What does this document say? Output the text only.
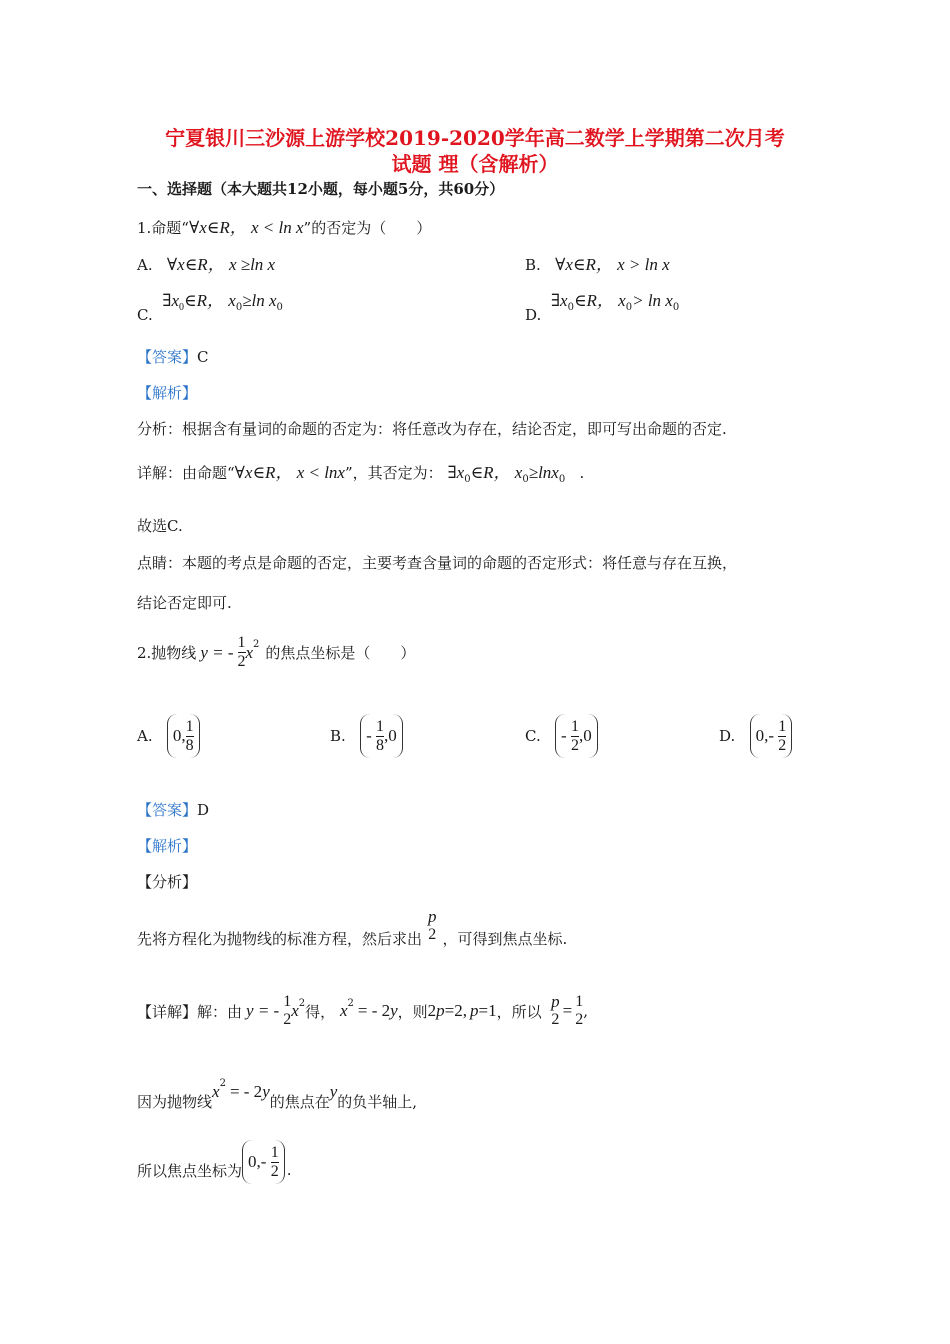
宁夏银川三沙源上游学校2019-2020学年高二数学上学期第二次月考
试题 理（含解析）
一、选择题（本大题共12小题，每小题5分，共60分）
1.命题“∀x∈R， x < ln x”的否定为（　　）
A. ∀x∈R， x ≥ln x	B. ∀x∈R， x > ln x
C.  $\exists x_0\in R$， $x_0\ge\ln$ $x_0$	D.  $\exists x_0\in R$， $x_0> \ln x_0$
【答案】C
【解析】
分析：根据含有量词的命题的否定为：将任意改为存在，结论否定，即可写出命题的否定.
详解：由命题“∀x∈R， x < lnx”，其否定为： $\exists x_0\in R$， $x_0\ge\ln x_0$ .
故选C.
点睛：本题的考点是命题的否定，主要考查含量词的命题的否定形式：将任意与存在互换，
结论否定即可.
2.抛物线 y = - $\frac{1}{2} x^2$ 的焦点坐标是（　　）
A.
0 , $\frac{1}{8}$	B.
-
$\frac{1}{8}$ , 0	C.
-
$\frac{1}{2}$ , 0	D.
0 , -
$\frac{1}{2}$
【答案】D
【解析】
【分析】
先将方程化为抛物线的标准方程，然后求出
p
2 ，可得到焦点坐标.
【详解】 解：由 y = - 1
2 $x^2$ 得，
$x^2$ = - 2 y ，则 2 p =2, p =1 ，所以

p
2 = 1
2 ,
因为抛物线
$x^2$ = - 2 y
的焦点在
y
的负半轴上,
所以焦点坐标为 0 , -
$\frac{1}{2}$ .
